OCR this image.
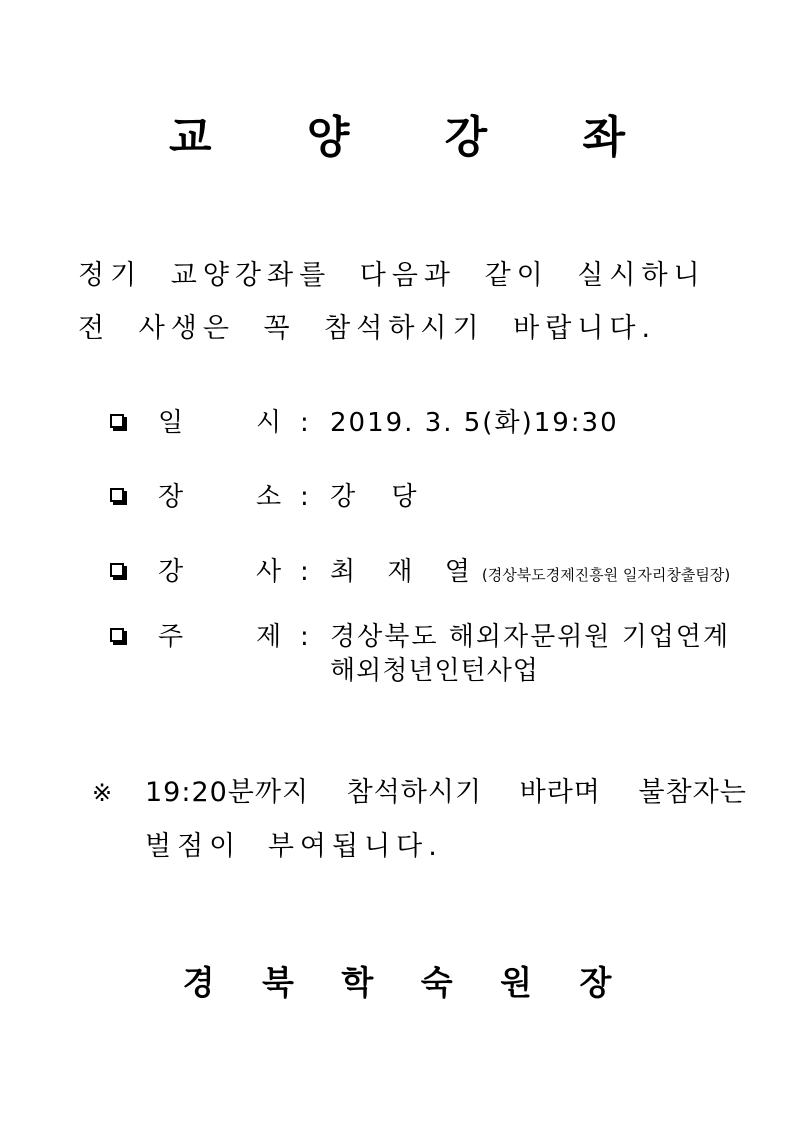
교 양 강 좌
정기 교양강좌를 다음과 같이 실시하니
전 사생은 꼭 참석하시기 바랍니다.
일	시 : 2019. 3. 5(화)19:30
장	소 : 강 당
강	사 : 최 재 열(경상북도경제진흥원 일자리창출팀장)
주	제 : 경상북도 해외자문위원 기업연계
해외청년인턴사업
※ 19:20분까지 참석하시기 바라며 불참자는
벌점이 부여됩니다.
경 북 학 숙 원 장
